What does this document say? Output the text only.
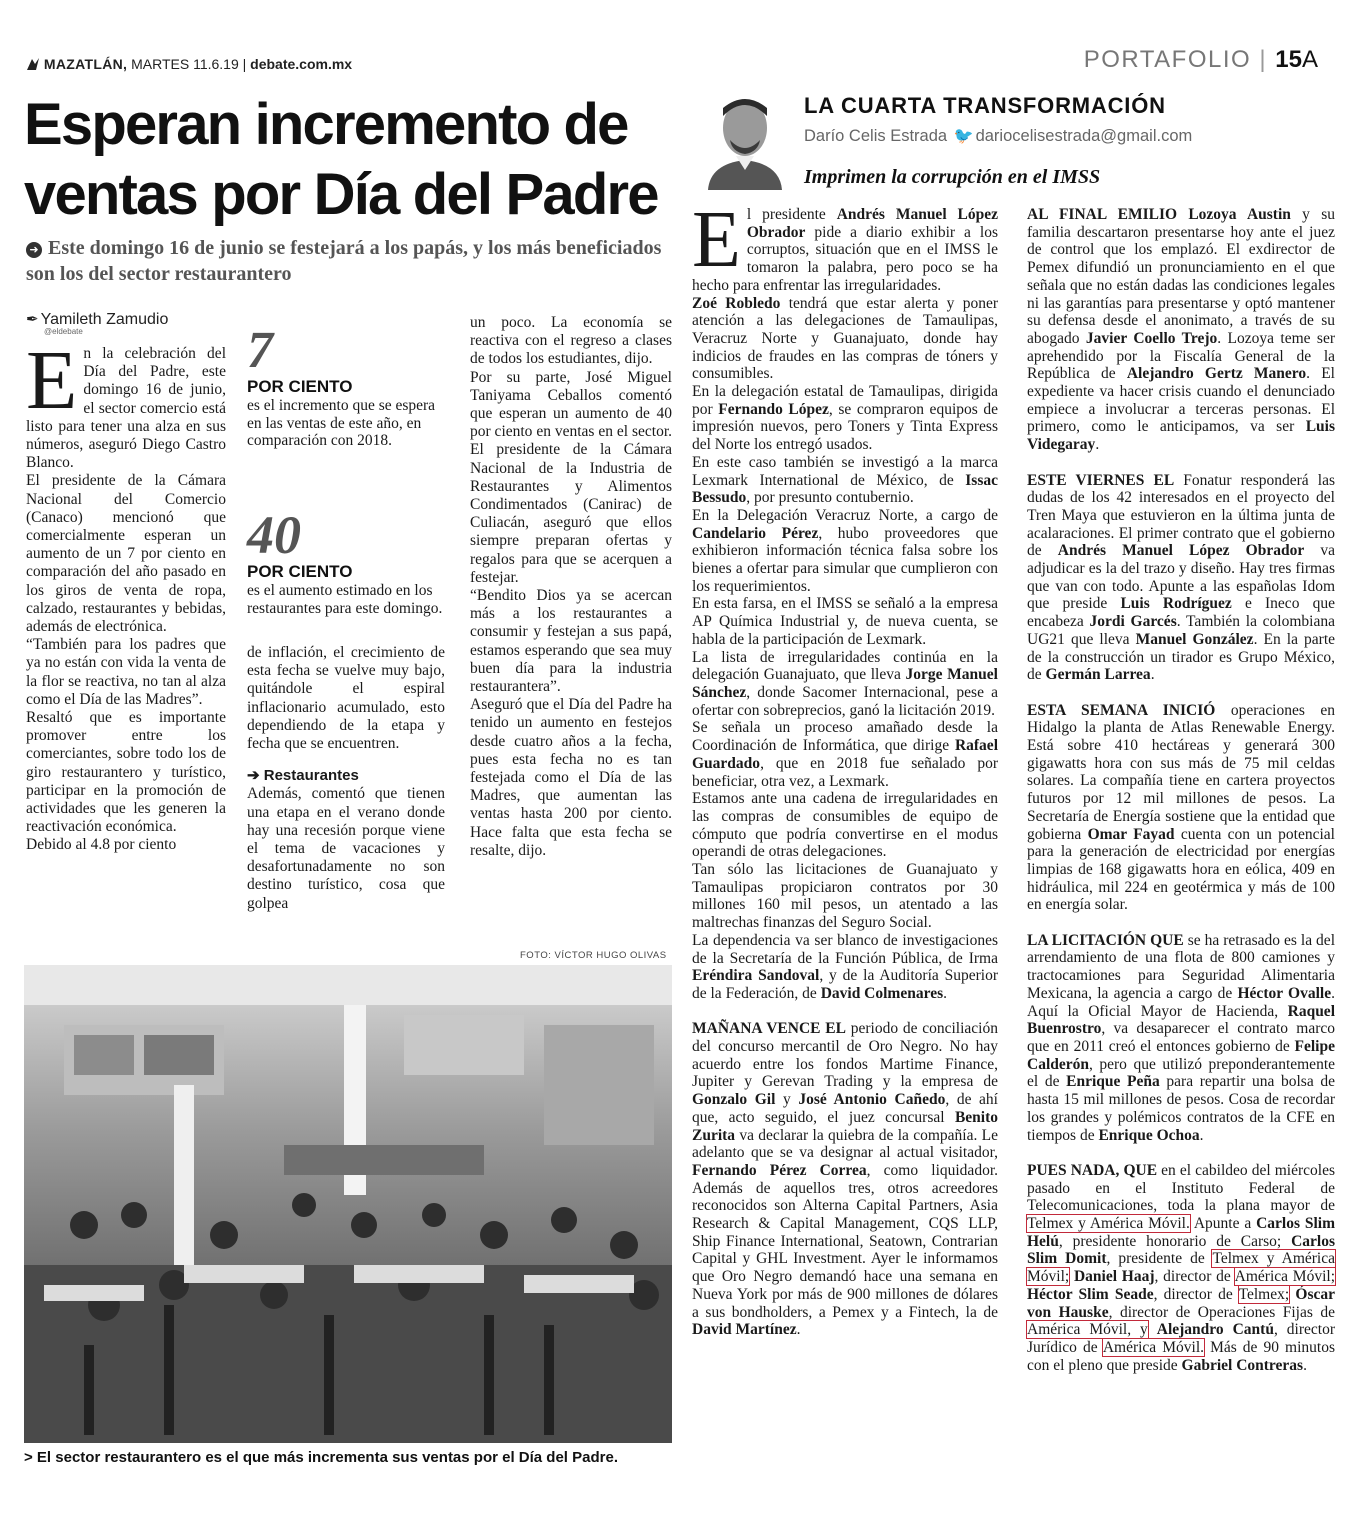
MAZATLÁN, MARTES 11.6.19 | debate.com.mx	PORTAFOLIO | 15A
Esperan incremento de ventas por Día del Padre
➜ Este domingo 16 de junio se festejará a los papás, y los más beneficiados son los del sector restaurantero
✒ Yamileth Zamudio
@eldebate

En la celebración del Día del Padre, este domingo 16 de junio, el sector comercio está listo para tener una alza en sus números, aseguró Diego Castro Blanco.

El presidente de la Cámara Nacional del Comercio (Canaco) mencionó que comercialmente esperan un aumento de un 7 por ciento en comparación del año pasado en los giros de venta de ropa, calzado, restaurantes y bebidas, además de electrónica.

“También para los padres que ya no están con vida la venta de la flor se reactiva, no tan al alza como el Día de las Madres”.

Resaltó que es importante promover entre los comerciantes, sobre todo los de giro restaurantero y turístico, participar en la promoción de actividades que les generen la reactivación económica.

Debido al 4.8 por ciento

7
POR CIENTO
es el incremento que se espera en las ventas de este año, en comparación con 2018.
40
POR CIENTO
es el aumento estimado en los restaurantes para este domingo.

de inflación, el crecimiento de esta fecha se vuelve muy bajo, quitándole el espiral inflacionario acumulado, esto dependiendo de la etapa y fecha que se encuentren.

➔ Restaurantes

Además, comentó que tienen una etapa en el verano donde hay una recesión porque viene el tema de vacaciones y desafortunadamente no son destino turístico, cosa que golpea

un poco. La economía se reactiva con el regreso a clases de todos los estudiantes, dijo.

Por su parte, José Miguel Taniyama Ceballos comentó que esperan un aumento de 40 por ciento en ventas en el sector. El presidente de la Cámara Nacional de la Industria de Restaurantes y Alimentos Condimentados (Canirac) de Culiacán, aseguró que ellos siempre preparan ofertas y regalos para que se acerquen a festejar.

“Bendito Dios ya se acercan más a los restaurantes a consumir y festejan a sus papá, estamos esperando que sea muy buen día para la industria restaurantera”.

Aseguró que el Día del Padre ha tenido un aumento en festejos desde cuatro años a la fecha, pues esta fecha no es tan festejada como el Día de las Madres, que aumentan las ventas hasta 200 por ciento. Hace falta que esta fecha se resalte, dijo.

FOTO: VÍCTOR HUGO OLIVAS
> El sector restaurantero es el que más incrementa sus ventas por el Día del Padre.
LA CUARTA TRANSFORMACIÓN
Darío Celis Estrada 🐦 dariocelisestrada@gmail.com
Imprimen la corrupción en el IMSS

El presidente Andrés Manuel López Obrador pide a diario exhibir a los corruptos, situación que en el IMSS le tomaron la palabra, pero poco se ha hecho para enfrentar las irregularidades.

Zoé Robledo tendrá que estar alerta y poner atención a las delegaciones de Tamaulipas, Veracruz Norte y Guanajuato, donde hay indicios de fraudes en las compras de tóners y consumibles.

En la delegación estatal de Tamaulipas, dirigida por Fernando López, se compraron equipos de impresión nuevos, pero Toners y Tinta Express del Norte los entregó usados.

En este caso también se investigó a la marca Lexmark International de México, de Issac Bessudo, por presunto contubernio.

En la Delegación Veracruz Norte, a cargo de Candelario Pérez, hubo proveedores que exhibieron información técnica falsa sobre los bienes a ofertar para simular que cumplieron con los requerimientos.

En esta farsa, en el IMSS se señaló a la empresa AP Química Industrial y, de nueva cuenta, se habla de la participación de Lexmark.

La lista de irregularidades continúa en la delegación Guanajuato, que lleva Jorge Manuel Sánchez, donde Sacomer Internacional, pese a ofertar con sobreprecios, ganó la licitación 2019.

Se señala un proceso amañado desde la Coordinación de Informática, que dirige Rafael Guardado, que en 2018 fue señalado por beneficiar, otra vez, a Lexmark.

Estamos ante una cadena de irregularidades en las compras de consumibles de equipo de cómputo que podría convertirse en el modus operandi de otras delegaciones.

Tan sólo las licitaciones de Guanajuato y Tamaulipas propiciaron contratos por 30 millones 160 mil pesos, un atentado a las maltrechas finanzas del Seguro Social.

La dependencia va ser blanco de investigaciones de la Secretaría de la Función Pública, de Irma Eréndira Sandoval, y de la Auditoría Superior de la Federación, de David Colmenares.

MAÑANA VENCE EL periodo de conciliación del concurso mercantil de Oro Negro. No hay acuerdo entre los fondos Martime Finance, Jupiter y Gerevan Trading y la empresa de Gonzalo Gil y José Antonio Cañedo, de ahí que, acto seguido, el juez concursal Benito Zurita va declarar la quiebra de la compañía. Le adelanto que se va designar al actual visitador, Fernando Pérez Correa, como liquidador. Además de aquellos tres, otros acreedores reconocidos son Alterna Capital Partners, Asia Research & Capital Management, CQS LLP, Ship Finance International, Seatown, Contrarian Capital y GHL Investment. Ayer le informamos que Oro Negro demandó hace una semana en Nueva York por más de 900 millones de dólares a sus bondholders, a Pemex y a Fintech, la de David Martínez.

AL FINAL EMILIO Lozoya Austin y su familia descartaron presentarse hoy ante el juez de control que los emplazó. El exdirector de Pemex difundió un pronunciamiento en el que señala que no están dadas las condiciones legales ni las garantías para presentarse y optó mantener su defensa desde el anonimato, a través de su abogado Javier Coello Trejo. Lozoya teme ser aprehendido por la Fiscalía General de la República de Alejandro Gertz Manero. El expediente va hacer crisis cuando el denunciado empiece a involucrar a terceras personas. El primero, como le anticipamos, va ser Luis Videgaray.

ESTE VIERNES EL Fonatur responderá las dudas de los 42 interesados en el proyecto del Tren Maya que estuvieron en la última junta de acalaraciones. El primer contrato que el gobierno de Andrés Manuel López Obrador va adjudicar es la del trazo y diseño. Hay tres firmas que van con todo. Apunte a las españolas Idom que preside Luis Rodríguez e Ineco que encabeza Jordi Garcés. También la colombiana UG21 que lleva Manuel González. En la parte de la construcción un tirador es Grupo México, de Germán Larrea.

ESTA SEMANA INICIÓ operaciones en Hidalgo la planta de Atlas Renewable Energy. Está sobre 410 hectáreas y generará 300 gigawatts hora con sus más de 75 mil celdas solares. La compañía tiene en cartera proyectos futuros por 12 mil millones de pesos. La Secretaría de Energía sostiene que la entidad que gobierna Omar Fayad cuenta con un potencial para la generación de electricidad por energías limpias de 168 gigawatts hora en eólica, 409 en hidráulica, mil 224 en geotérmica y más de 100 en energía solar.

LA LICITACIÓN QUE se ha retrasado es la del arrendamiento de una flota de 800 camiones y tractocamiones para Seguridad Alimentaria Mexicana, la agencia a cargo de Héctor Ovalle. Aquí la Oficial Mayor de Hacienda, Raquel Buenrostro, va desaparecer el contrato marco que en 2011 creó el entonces gobierno de Felipe Calderón, pero que utilizó preponderantemente el de Enrique Peña para repartir una bolsa de hasta 15 mil millones de pesos. Cosa de recordar los grandes y polémicos contratos de la CFE en tiempos de Enrique Ochoa.

PUES NADA, QUE en el cabildeo del miércoles pasado en el Instituto Federal de Telecomunicaciones, toda la plana mayor de Telmex y América Móvil. Apunte a Carlos Slim Helú, presidente honorario de Carso; Carlos Slim Domit, presidente de Telmex y América Móvil; Daniel Haaj, director de América Móvil; Héctor Slim Seade, director de Telmex; Óscar von Hauske, director de Operaciones Fijas de América Móvil, y Alejandro Cantú, director Jurídico de América Móvil. Más de 90 minutos con el pleno que preside Gabriel Contreras.
